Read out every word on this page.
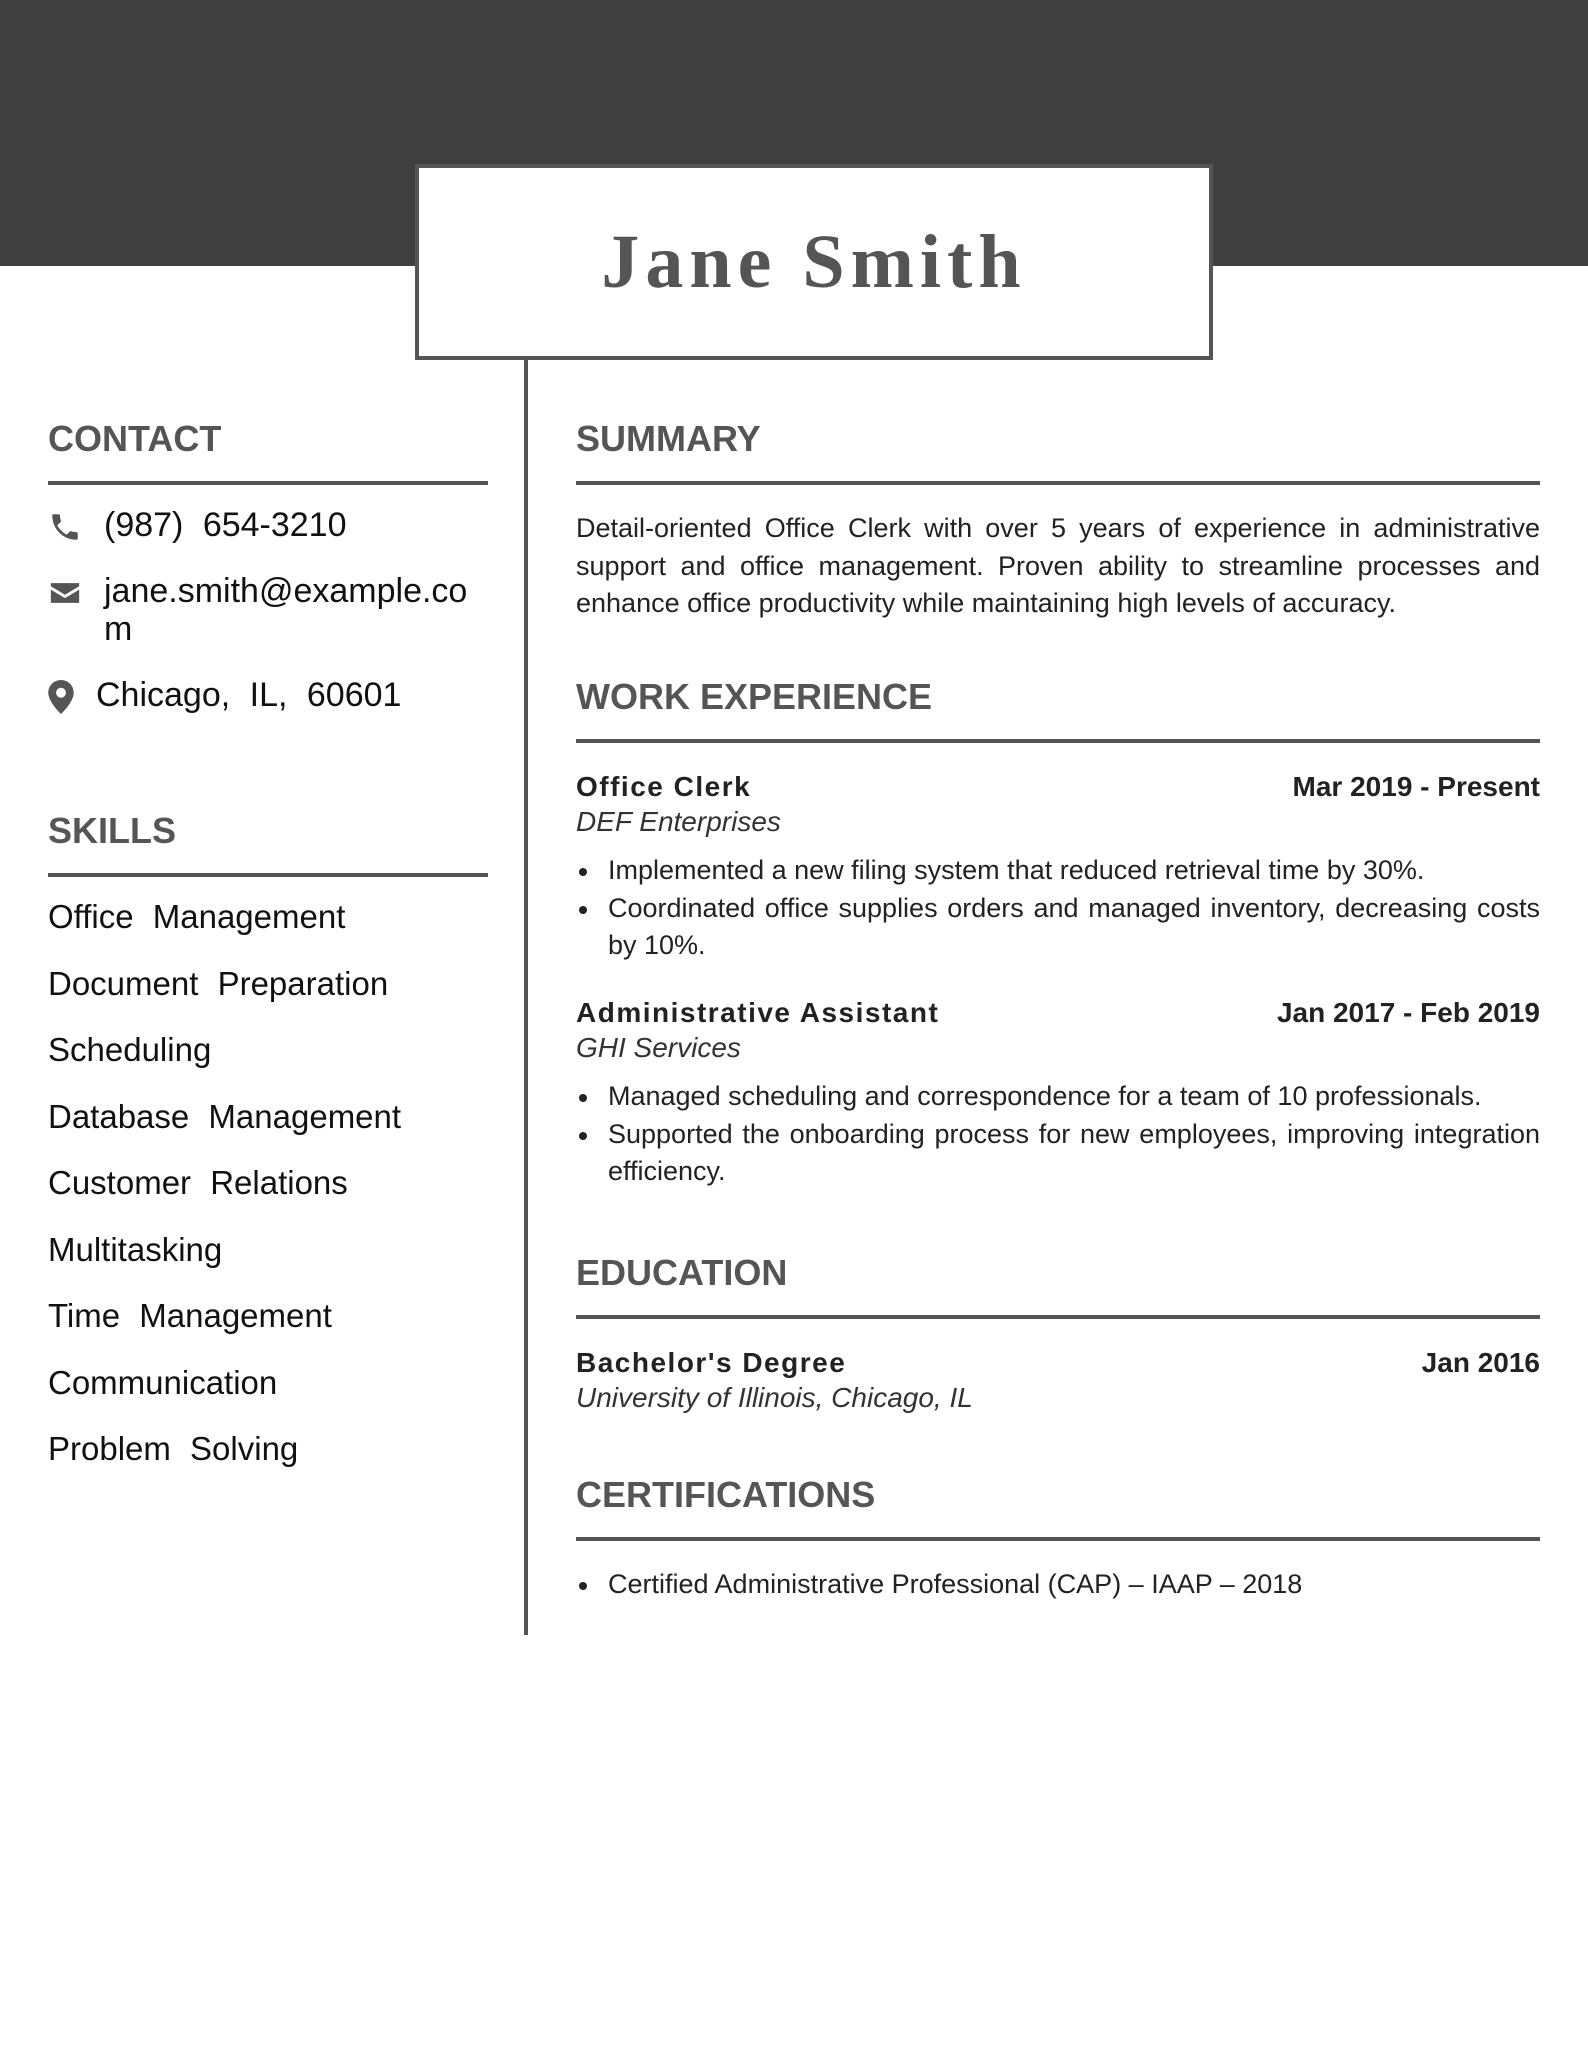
Jane Smith
CONTACT
(987) 654-3210
jane.smith@example.co
m
Chicago, IL, 60601
SKILLS
Office Management
Document Preparation
Scheduling
Database Management
Customer Relations
Multitasking
Time Management
Communication
Problem Solving
SUMMARY

Detail-oriented Office Clerk with over 5 years of experience in administrative support and office management. Proven ability to streamline processes and enhance office productivity while maintaining high levels of accuracy.

WORK EXPERIENCE
Office Clerk	Mar 2019 - Present

DEF Enterprises

Implemented a new filing system that reduced retrieval time by 30%.
Coordinated office supplies orders and managed inventory, decreasing costs by 10%.
Administrative Assistant	Jan 2017 - Feb 2019

GHI Services

Managed scheduling and correspondence for a team of 10 professionals.
Supported the onboarding process for new employees, improving integration efficiency.
EDUCATION
Bachelor's Degree	Jan 2016

University of Illinois, Chicago, IL

CERTIFICATIONS
Certified Administrative Professional (CAP) – IAAP – 2018
